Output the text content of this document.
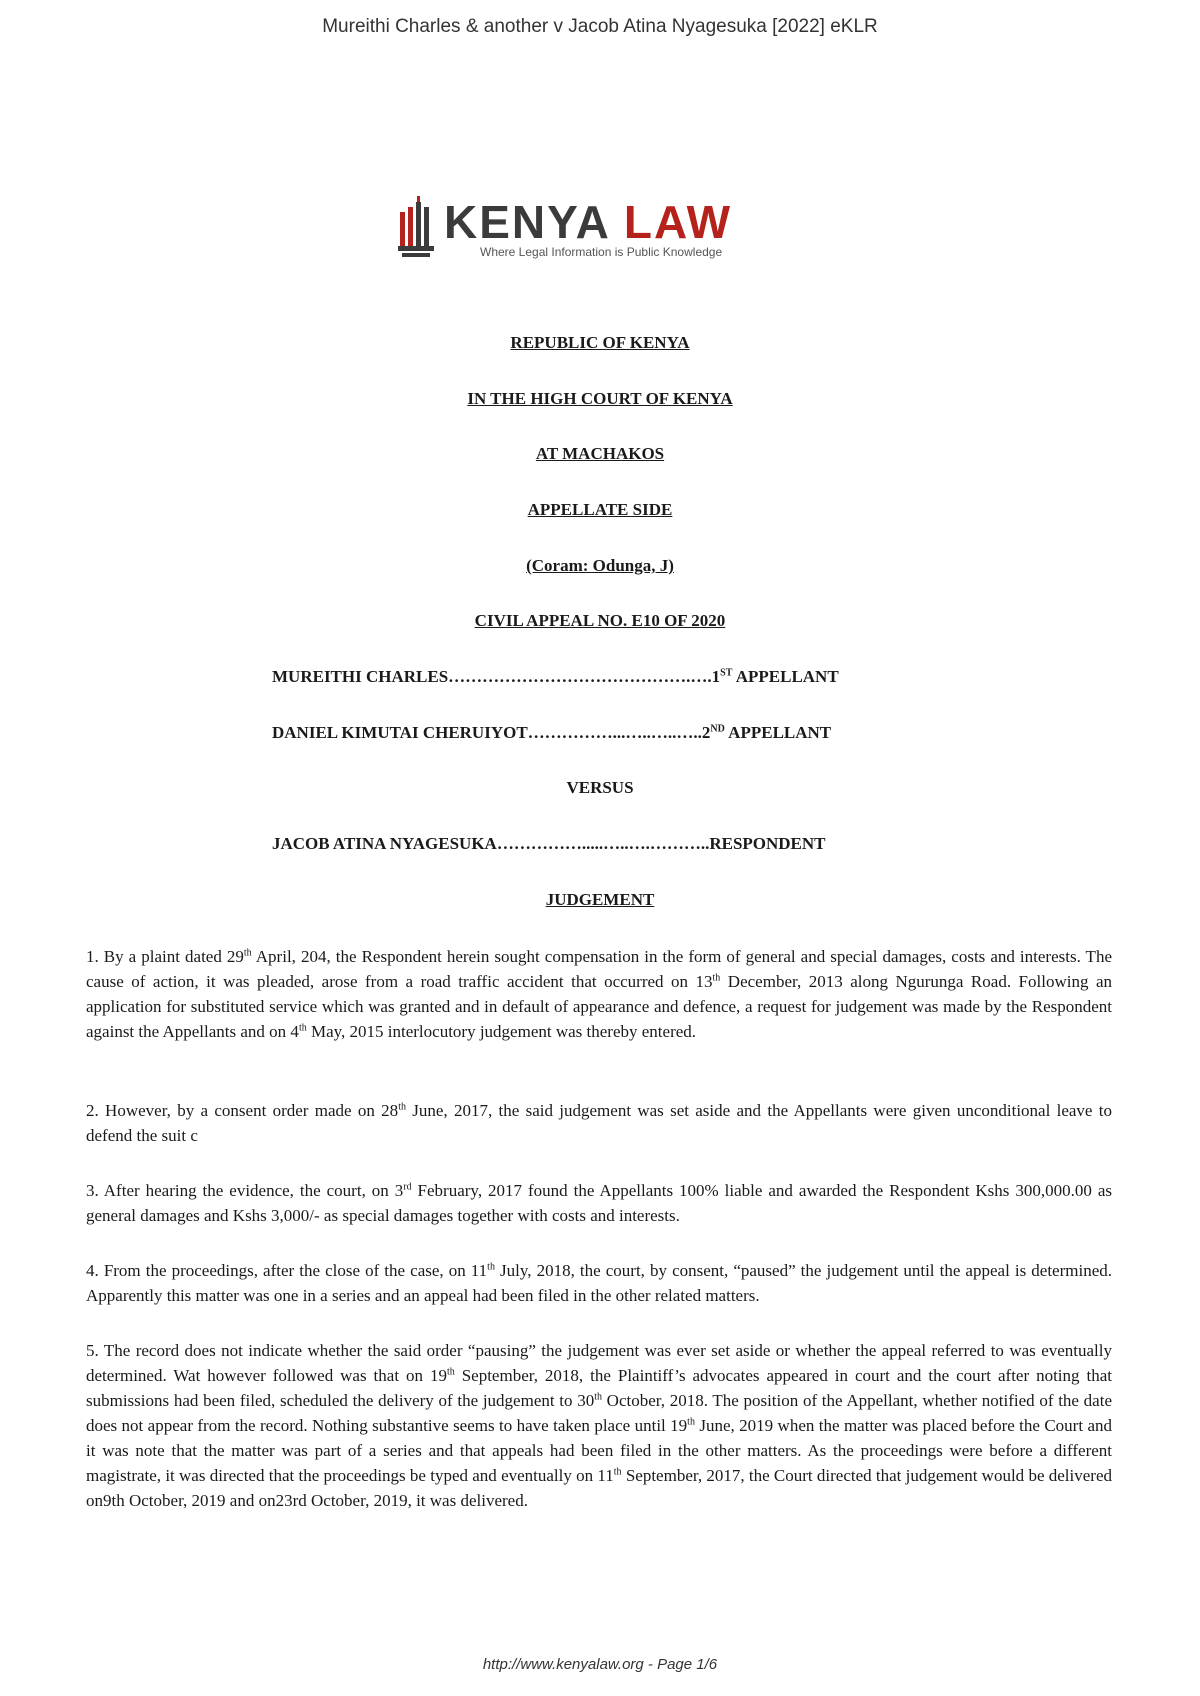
Mureithi Charles & another v Jacob Atina Nyagesuka [2022] eKLR
KENYA LAW
Where Legal Information is Public Knowledge
REPUBLIC OF KENYA
IN THE HIGH COURT OF KENYA
AT MACHAKOS
APPELLATE SIDE
(Coram: Odunga, J)
CIVIL APPEAL NO. E10 OF 2020
MUREITHI CHARLES…………………………………….….1ST APPELLANT
DANIEL KIMUTAI CHERUIYOT……………...…..…..…..2ND APPELLANT
VERSUS
JACOB ATINA NYAGESUKA…………….....…..….………..RESPONDENT
JUDGEMENT

1. By a plaint dated 29th April, 204, the Respondent herein sought compensation in the form of general and special damages, costs and interests. The cause of action, it was pleaded, arose from a road traffic accident that occurred on 13th December, 2013 along Ngurunga Road. Following an application for substituted service which was granted and in default of appearance and defence, a request for judgement was made by the Respondent against the Appellants and on 4th May, 2015 interlocutory judgement was thereby entered.

2. However, by a consent order made on 28th June, 2017, the said judgement was set aside and the Appellants were given unconditional leave to defend the suit c

3. After hearing the evidence, the court, on 3rd February, 2017 found the Appellants 100% liable and awarded the Respondent Kshs 300,000.00 as general damages and Kshs 3,000/- as special damages together with costs and interests.

4. From the proceedings, after the close of the case, on 11th July, 2018, the court, by consent, “paused” the judgement until the appeal is determined. Apparently this matter was one in a series and an appeal had been filed in the other related matters.

5. The record does not indicate whether the said order “pausing” the judgement was ever set aside or whether the appeal referred to was eventually determined. Wat however followed was that on 19th September, 2018, the Plaintiff’s advocates appeared in court and the court after noting that submissions had been filed, scheduled the delivery of the judgement to 30th October, 2018. The position of the Appellant, whether notified of the date does not appear from the record. Nothing substantive seems to have taken place until 19th June, 2019 when the matter was placed before the Court and it was note that the matter was part of a series and that appeals had been filed in the other matters. As the proceedings were before a different magistrate, it was directed that the proceedings be typed and eventually on 11th September, 2017, the Court directed that judgement would be delivered on9th October, 2019 and on23rd October, 2019, it was delivered.

http://www.kenyalaw.org - Page 1/6
